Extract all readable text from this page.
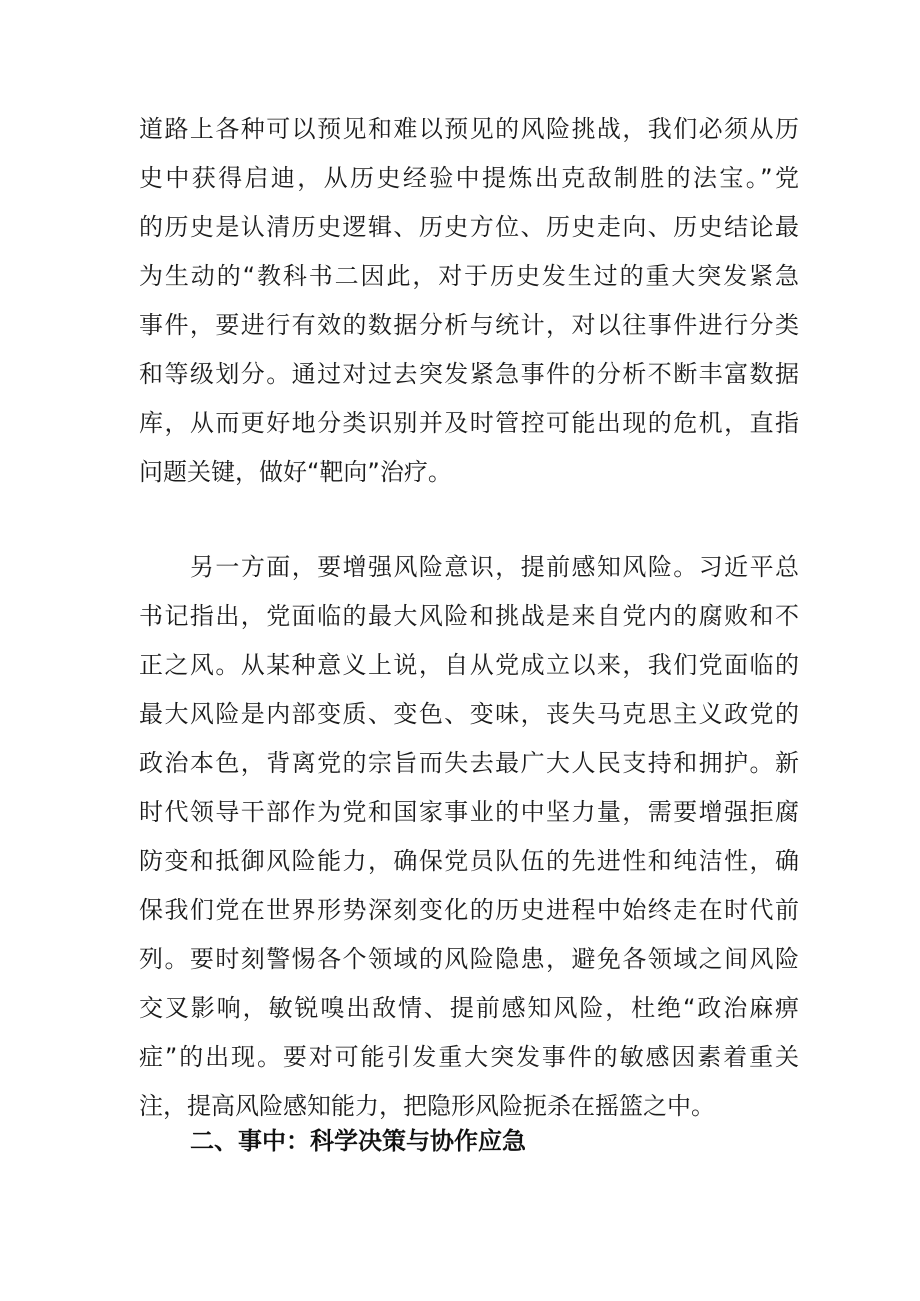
道路上各种可以预见和难以预见的风险挑战，我们必须从历
史中获得启迪，从历史经验中提炼出克敌制胜的法宝。”党
的历史是认清历史逻辑、历史方位、历史走向、历史结论最
为生动的“教科书二因此，对于历史发生过的重大突发紧急
事件，要进行有效的数据分析与统计，对以往事件进行分类
和等级划分。通过对过去突发紧急事件的分析不断丰富数据
库，从而更好地分类识别并及时管控可能出现的危机，直指
问题关键，做好“靶向”治疗。
另一方面，要增强风险意识，提前感知风险。习近平总
书记指出，党面临的最大风险和挑战是来自党内的腐败和不
正之风。从某种意义上说，自从党成立以来，我们党面临的
最大风险是内部变质、变色、变味，丧失马克思主义政党的
政治本色，背离党的宗旨而失去最广大人民支持和拥护。新
时代领导干部作为党和国家事业的中坚力量，需要增强拒腐
防变和抵御风险能力，确保党员队伍的先进性和纯洁性，确
保我们党在世界形势深刻变化的历史进程中始终走在时代前
列。要时刻警惕各个领域的风险隐患，避免各领域之间风险
交叉影响，敏锐嗅出敌情、提前感知风险，杜绝“政治麻痹
症”的出现。要对可能引发重大突发事件的敏感因素着重关
注，提高风险感知能力，把隐形风险扼杀在摇篮之中。
二、事中：科学决策与协作应急
